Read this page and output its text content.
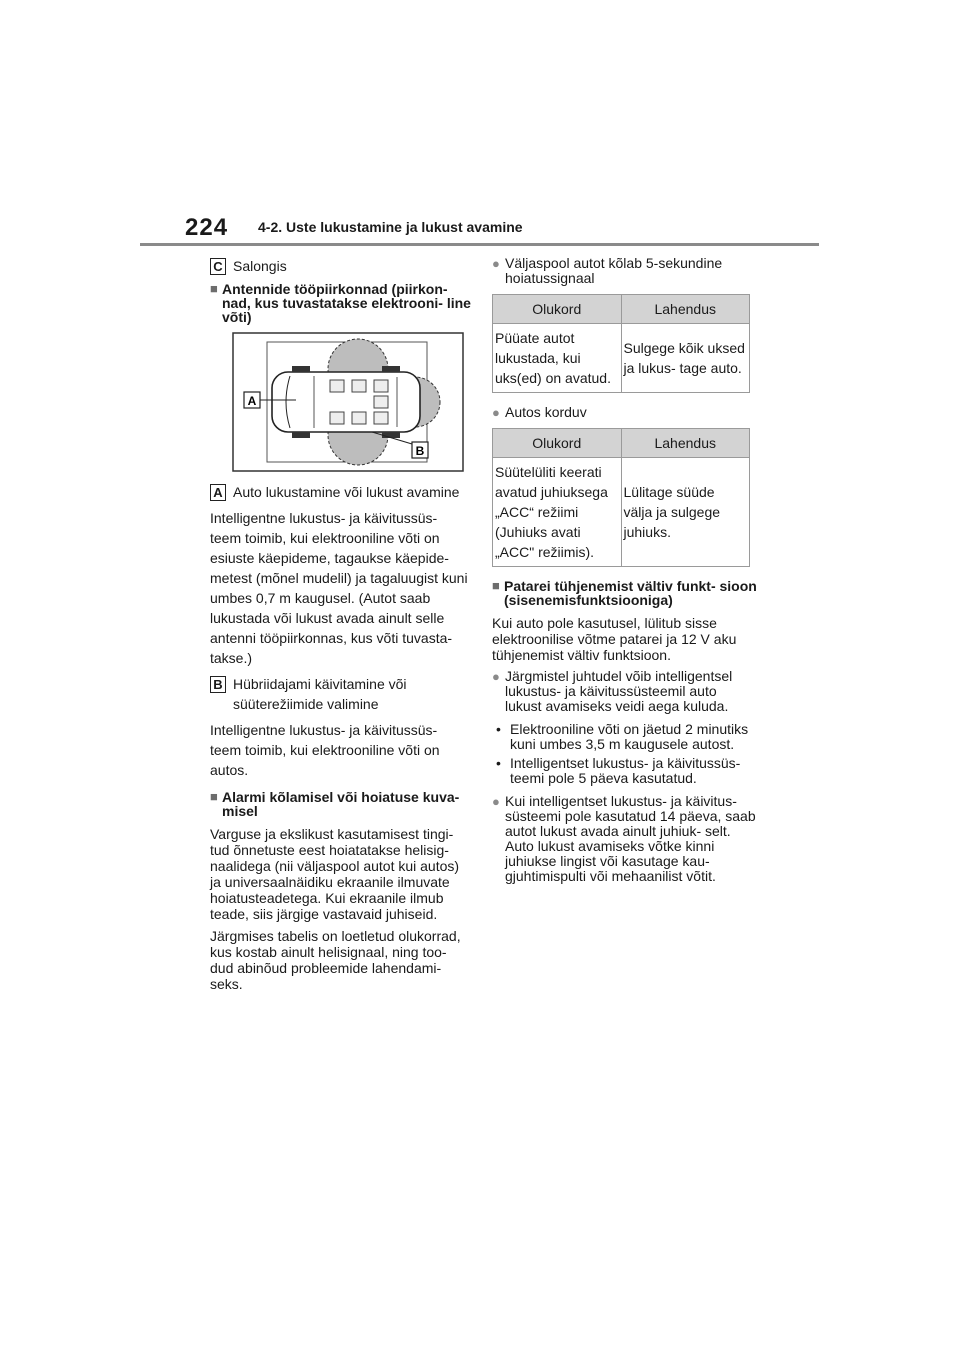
224 4-2. Uste lukustamine ja lukust avamine
C Salongis
■ Antennide tööpiirkonnad (piirkon- nad, kus tuvastatakse elektrooni- line võti)
A
B
A Auto lukustamine või lukust avamine

Intelligentne lukustus- ja käivitussüs- teem toimib, kui elektrooniline võti on esiuste käepideme, tagaukse käepide- metest (mõnel mudelil) ja tagaluugist kuni umbes 0,7 m kaugusel. (Autot saab lukustada või lukust avada ainult selle antenni tööpiirkonnas, kus võti tuvasta- takse.)

B Hübriidajami käivitamine või süüterežiimide valimine

Intelligentne lukustus- ja käivitussüs- teem toimib, kui elektrooniline võti on autos.

■ Alarmi kõlamisel või hoiatuse kuva- misel

Varguse ja ekslikust kasutamisest tingi- tud õnnetuste eest hoiatatakse helisig- naalidega (nii väljaspool autot kui autos) ja universaalnäidiku ekraanile ilmuvate hoiatusteadetega. Kui ekraanile ilmub teade, siis järgige vastavaid juhiseid.

Järgmises tabelis on loetletud olukorrad, kus kostab ainult helisignaal, ning too- dud abinõud probleemide lahendami- seks.

● Väljaspool autot kõlab 5-sekundine hoiatussignaal
Olukord	Lahendus
Püüate autot lukustada, kui uks(ed) on avatud.	Sulgege kõik uksed ja lukus- tage auto.
● Autos korduv
Olukord	Lahendus
Süütelüliti keerati avatud juhiuksega „ACC“ režiimi (Juhiuks avati „ACC" režiimis).	Lülitage süüde välja ja sulgege juhiuks.
■ Patarei tühjenemist vältiv funkt- sioon (sisenemisfunktsiooniga)

Kui auto pole kasutusel, lülitub sisse elektroonilise võtme patarei ja 12 V aku tühjenemist vältiv funktsioon.

● Järgmistel juhtudel võib intelligentsel lukustus- ja käivitussüsteemil auto lukust avamiseks veidi aega kuluda.
• Elektrooniline võti on jäetud 2 minutiks kuni umbes 3,5 m kaugusele autost.
• Intelligentset lukustus- ja käivitussüs- teemi pole 5 päeva kasutatud.
● Kui intelligentset lukustus- ja käivitus- süsteemi pole kasutatud 14 päeva, saab autot lukust avada ainult juhiuk- selt. Auto lukust avamiseks võtke kinni juhiukse lingist või kasutage kau- gjuhtimispulti või mehaanilist võtit.
